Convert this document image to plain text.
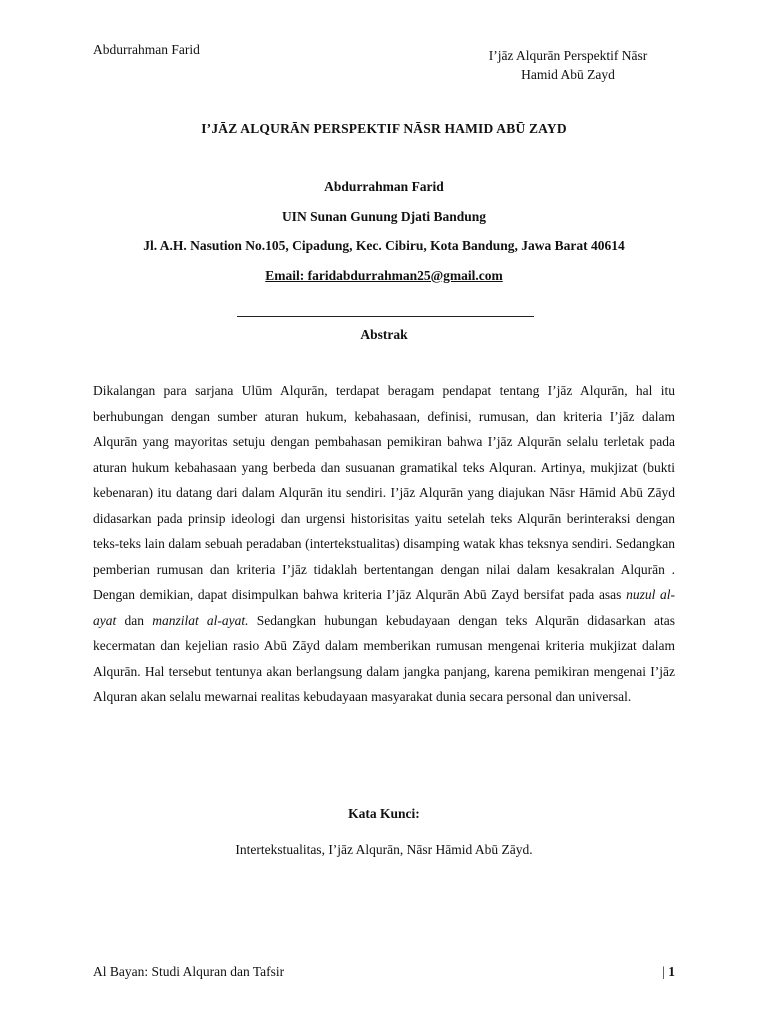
Abdurrahman Farid	I’jāz Alqurān Perspektif Nāsr
Hamid Abū Zayd
I’JĀZ ALQURĀN PERSPEKTIF NĀSR HAMID ABŪ ZAYD
Abdurrahman Farid
UIN Sunan Gunung Djati Bandung
Jl. A.H. Nasution No.105, Cipadung, Kec. Cibiru, Kota Bandung, Jawa Barat 40614
Email: faridabdurrahman25@gmail.com
Abstrak
Dikalangan para sarjana Ulūm Alqurān, terdapat beragam pendapat tentang I’jāz Alqurān, hal itu berhubungan dengan sumber aturan hukum, kebahasaan, definisi, rumusan, dan kriteria I’jāz dalam Alqurān yang mayoritas setuju dengan pembahasan pemikiran bahwa I’jāz Alqurān selalu terletak pada aturan hukum kebahasaan yang berbeda dan susuanan gramatikal teks Alquran. Artinya, mukjizat (bukti kebenaran) itu datang dari dalam Alqurān itu sendiri. I’jāz Alqurān yang diajukan Nāsr Hāmid Abū Zāyd didasarkan pada prinsip ideologi dan urgensi historisitas yaitu setelah teks Alqurān berinteraksi dengan teks-teks lain dalam sebuah peradaban (intertekstualitas) disamping watak khas teksnya sendiri. Sedangkan pemberian rumusan dan kriteria I’jāz tidaklah bertentangan dengan nilai dalam kesakralan Alqurān . Dengan demikian, dapat disimpulkan bahwa kriteria I’jāz Alqurān Abū Zayd bersifat pada asas nuzul al-ayat dan manzilat al-ayat. Sedangkan hubungan kebudayaan dengan teks Alqurān didasarkan atas kecermatan dan kejelian rasio Abū Zāyd dalam memberikan rumusan mengenai kriteria mukjizat dalam Alqurān. Hal tersebut tentunya akan berlangsung dalam jangka panjang, karena pemikiran mengenai I’jāz Alquran akan selalu mewarnai realitas kebudayaan masyarakat dunia secara personal dan universal.
Kata Kunci:
Intertekstualitas, I’jāz Alqurān, Nāsr Hāmid Abū Zāyd.
Al Bayan: Studi Alquran dan Tafsir	| 1
